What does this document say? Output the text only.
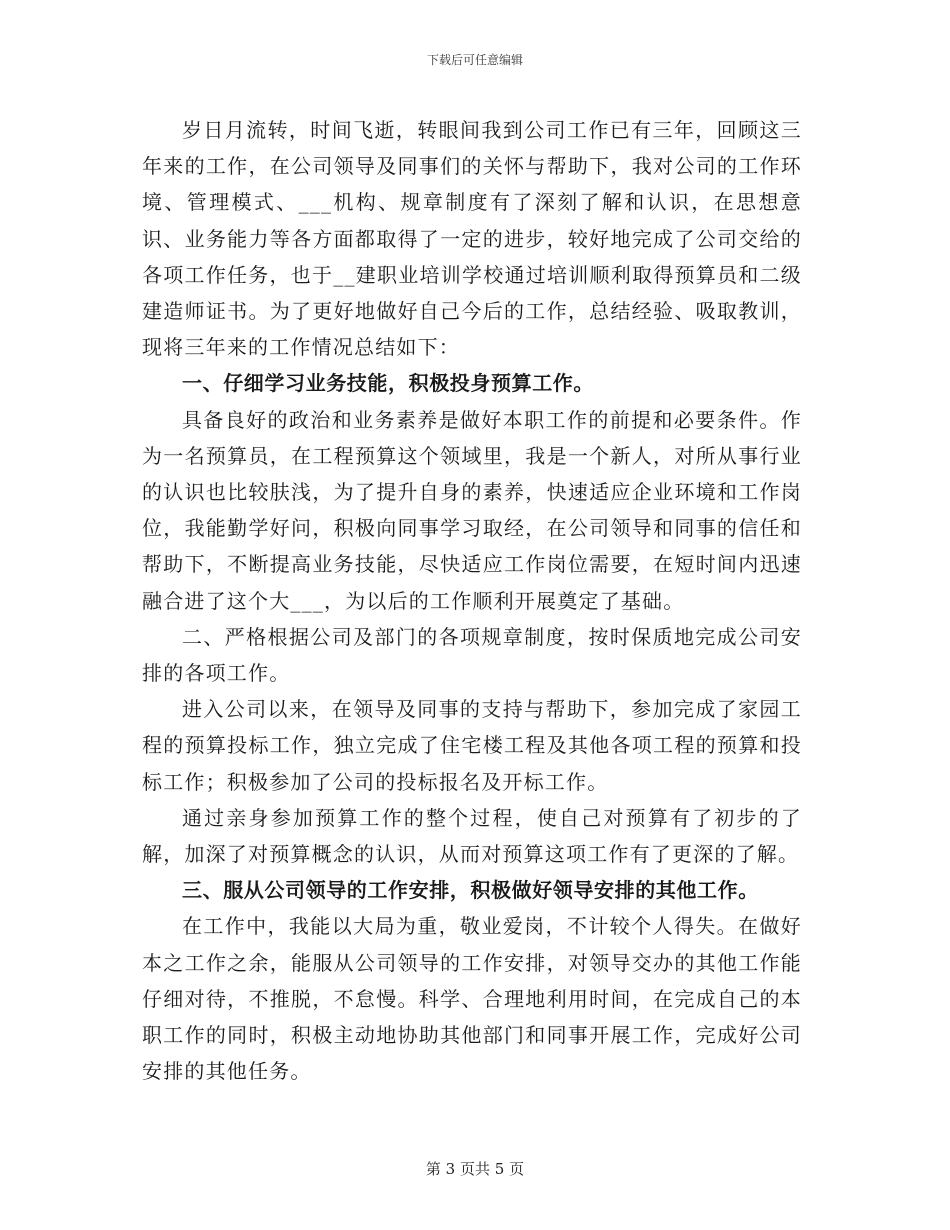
下载后可任意编辑

岁日月流转，时间飞逝，转眼间我到公司工作已有三年，回顾这三年来的工作，在公司领导及同事们的关怀与帮助下，我对公司的工作环境、管理模式、___机构、规章制度有了深刻了解和认识，在思想意识、业务能力等各方面都取得了一定的进步，较好地完成了公司交给的各项工作任务，也于__建职业培训学校通过培训顺利取得预算员和二级建造师证书。为了更好地做好自己今后的工作，总结经验、吸取教训，现将三年来的工作情况总结如下：

一、仔细学习业务技能，积极投身预算工作。

具备良好的政治和业务素养是做好本职工作的前提和必要条件。作为一名预算员，在工程预算这个领域里，我是一个新人，对所从事行业的认识也比较肤浅，为了提升自身的素养，快速适应企业环境和工作岗位，我能勤学好问，积极向同事学习取经，在公司领导和同事的信任和帮助下，不断提高业务技能，尽快适应工作岗位需要，在短时间内迅速融合进了这个大___，为以后的工作顺利开展奠定了基础。

二、严格根据公司及部门的各项规章制度，按时保质地完成公司安排的各项工作。

进入公司以来，在领导及同事的支持与帮助下，参加完成了家园工程的预算投标工作，独立完成了住宅楼工程及其他各项工程的预算和投标工作；积极参加了公司的投标报名及开标工作。

通过亲身参加预算工作的整个过程，使自己对预算有了初步的了解，加深了对预算概念的认识，从而对预算这项工作有了更深的了解。

三、服从公司领导的工作安排，积极做好领导安排的其他工作。

在工作中，我能以大局为重，敬业爱岗，不计较个人得失。在做好本之工作之余，能服从公司领导的工作安排，对领导交办的其他工作能仔细对待，不推脱，不怠慢。科学、合理地利用时间，在完成自己的本职工作的同时，积极主动地协助其他部门和同事开展工作，完成好公司安排的其他任务。

第 3 页共 5 页
